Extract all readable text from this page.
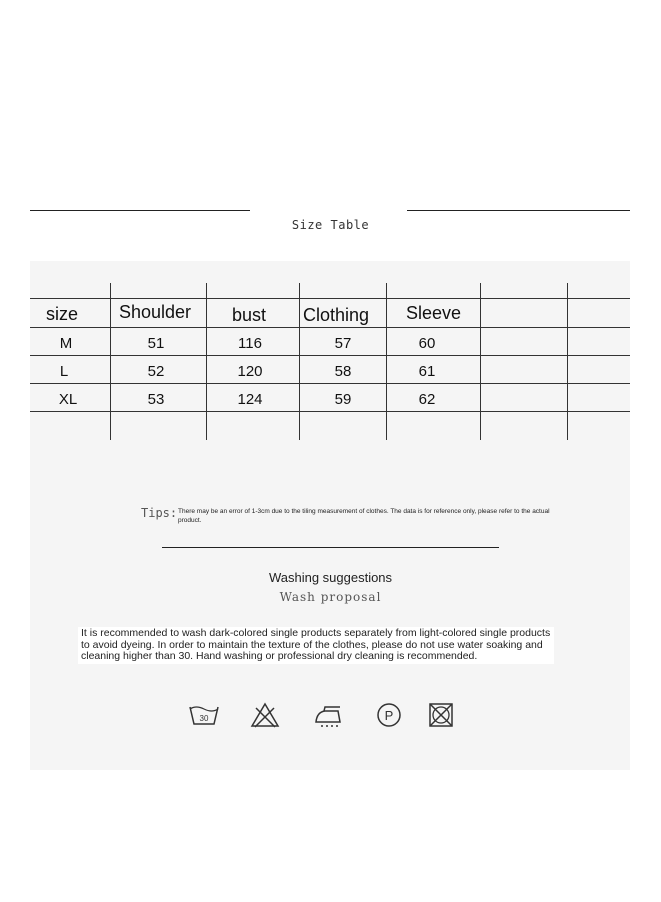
Size Table
size Shoulder bust Clothing Sleeve
M	51	116	57	60
L	52	120	58	61
XL	53	124	59	62
Tips: There may be an error of 1-3cm due to the tiling measurement of clothes. The data is for reference only, please refer to the actual product.
Washing suggestions
Wash proposal
It is recommended to wash dark-colored single products separately from light-colored single products to avoid dyeing. In order to maintain the texture of the clothes, please do not use water soaking and cleaning higher than 30. Hand washing or professional dry cleaning is recommended.
30	P
